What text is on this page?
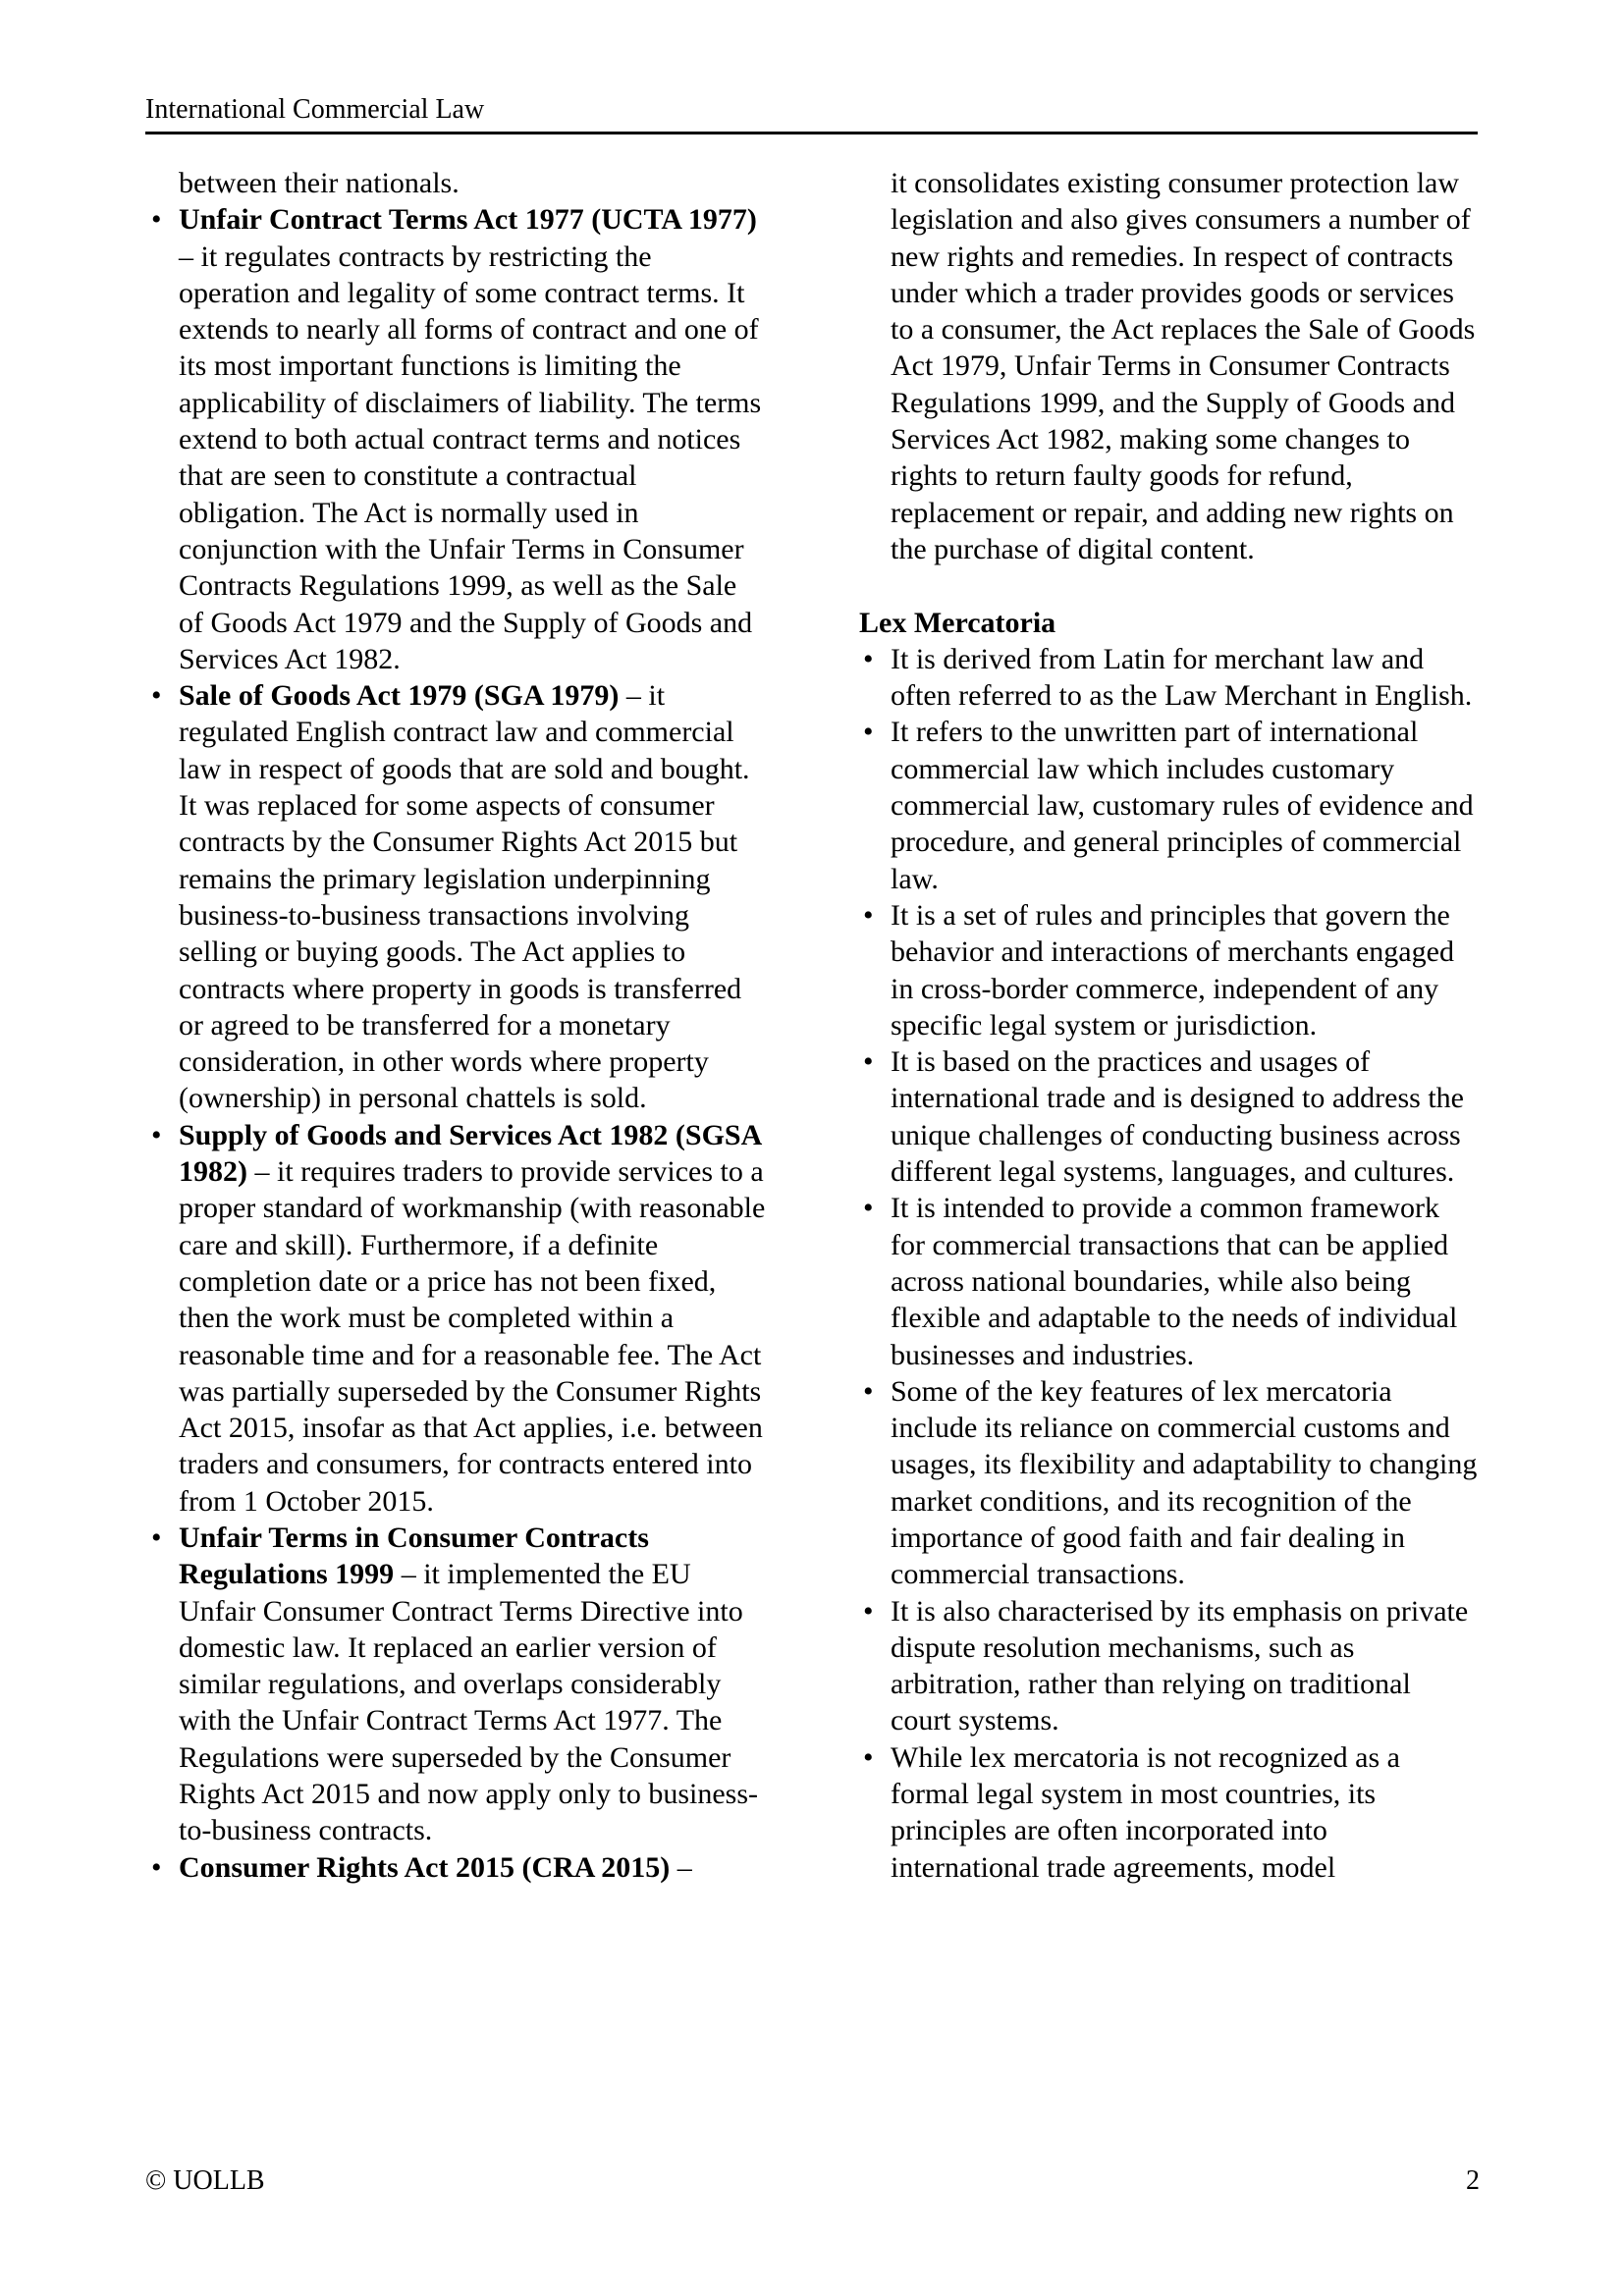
International Commercial Law

between their nationals.

• Unfair Contract Terms Act 1977 (UCTA 1977) – it regulates contracts by restricting the operation and legality of some contract terms. It extends to nearly all forms of contract and one of its most important functions is limiting the applicability of disclaimers of liability. The terms extend to both actual contract terms and notices that are seen to constitute a contractual obligation. The Act is normally used in conjunction with the Unfair Terms in Consumer Contracts Regulations 1999, as well as the Sale of Goods Act 1979 and the Supply of Goods and Services Act 1982.
• Sale of Goods Act 1979 (SGA 1979) – it regulated English contract law and commercial law in respect of goods that are sold and bought. It was replaced for some aspects of consumer contracts by the Consumer Rights Act 2015 but remains the primary legislation underpinning business-to-business transactions involving selling or buying goods. The Act applies to contracts where property in goods is transferred or agreed to be transferred for a monetary consideration, in other words where property (ownership) in personal chattels is sold.
• Supply of Goods and Services Act 1982 (SGSA 1982) – it requires traders to provide services to a proper standard of workmanship (with reasonable care and skill). Furthermore, if a definite completion date or a price has not been fixed, then the work must be completed within a reasonable time and for a reasonable fee. The Act was partially superseded by the Consumer Rights Act 2015, insofar as that Act applies, i.e. between traders and consumers, for contracts entered into from 1 October 2015.
• Unfair Terms in Consumer Contracts Regulations 1999 – it implemented the EU Unfair Consumer Contract Terms Directive into domestic law. It replaced an earlier version of similar regulations, and overlaps considerably with the Unfair Contract Terms Act 1977. The Regulations were superseded by the Consumer Rights Act 2015 and now apply only to business-to-business contracts.
• Consumer Rights Act 2015 (CRA 2015) –

it consolidates existing consumer protection law legislation and also gives consumers a number of new rights and remedies. In respect of contracts under which a trader provides goods or services to a consumer, the Act replaces the Sale of Goods Act 1979, Unfair Terms in Consumer Contracts Regulations 1999, and the Supply of Goods and Services Act 1982, making some changes to rights to return faulty goods for refund, replacement or repair, and adding new rights on the purchase of digital content.

Lex Mercatoria
• It is derived from Latin for merchant law and often referred to as the Law Merchant in English.
• It refers to the unwritten part of international commercial law which includes customary commercial law, customary rules of evidence and procedure, and general principles of commercial law.
• It is a set of rules and principles that govern the behavior and interactions of merchants engaged in cross-border commerce, independent of any specific legal system or jurisdiction.
• It is based on the practices and usages of international trade and is designed to address the unique challenges of conducting business across different legal systems, languages, and cultures.
• It is intended to provide a common framework for commercial transactions that can be applied across national boundaries, while also being flexible and adaptable to the needs of individual businesses and industries.
• Some of the key features of lex mercatoria include its reliance on commercial customs and usages, its flexibility and adaptability to changing market conditions, and its recognition of the importance of good faith and fair dealing in commercial transactions.
• It is also characterised by its emphasis on private dispute resolution mechanisms, such as arbitration, rather than relying on traditional court systems.
• While lex mercatoria is not recognized as a formal legal system in most countries, its principles are often incorporated into international trade agreements, model
© UOLLB	2
